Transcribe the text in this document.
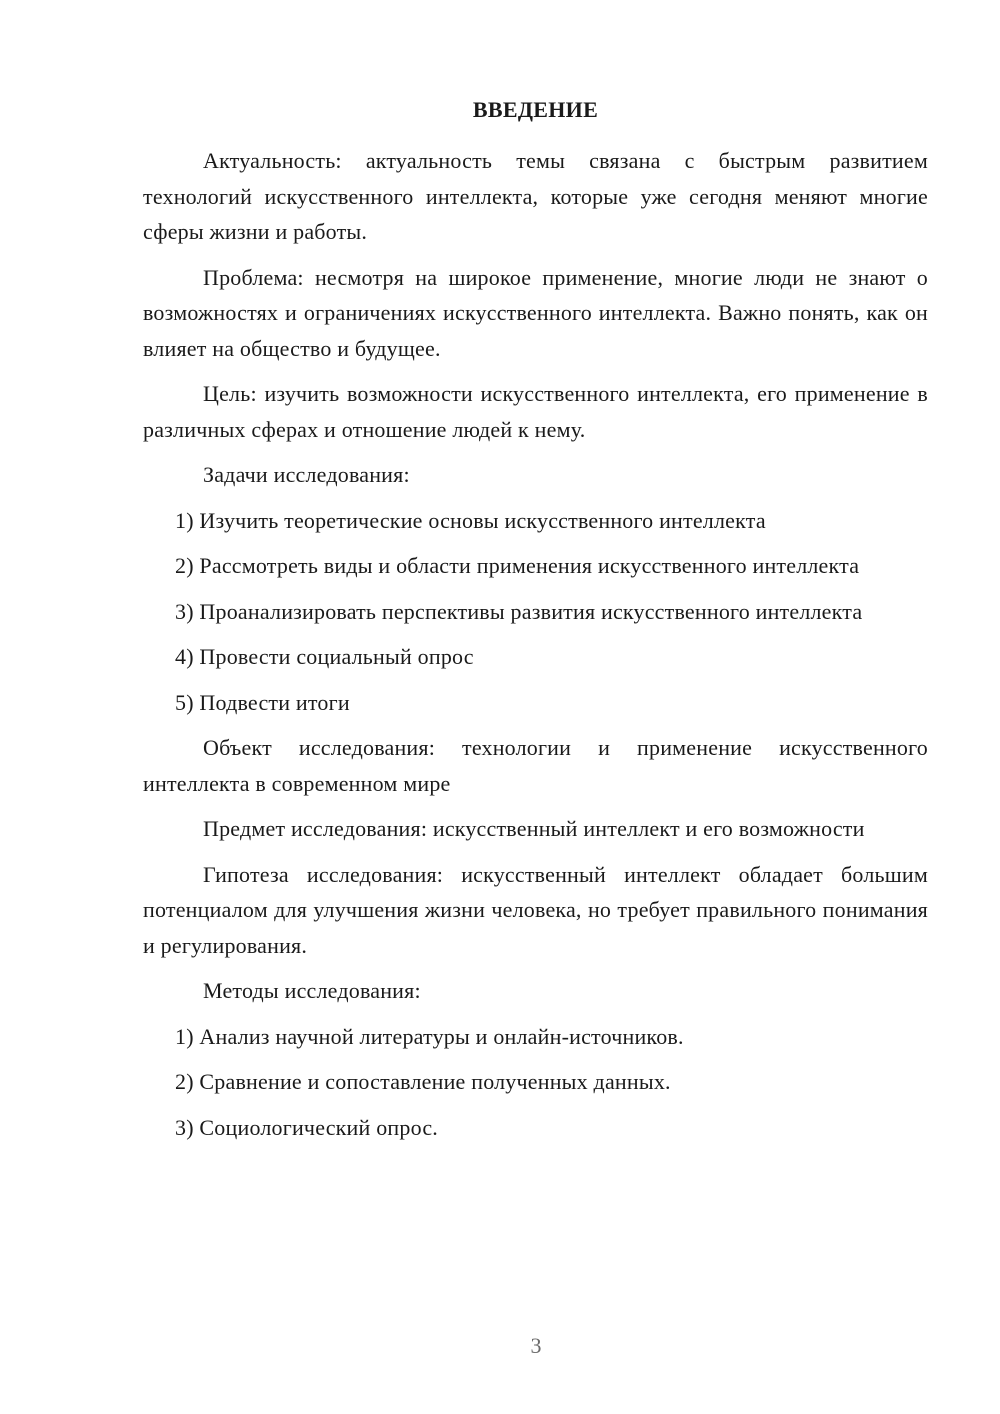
ВВЕДЕНИЕ

Актуальность: актуальность темы связана с быстрым развитием технологий искусственного интеллекта, которые уже сегодня меняют многие сферы жизни и работы.

Проблема: несмотря на широкое применение, многие люди не знают о возможностях и ограничениях искусственного интеллекта. Важно понять, как он влияет на общество и будущее.

Цель: изучить возможности искусственного интеллекта, его применение в различных сферах и отношение людей к нему.

Задачи исследования:

1) Изучить теоретические основы искусственного интеллекта

2) Рассмотреть виды и области применения искусственного интеллекта

3) Проанализировать перспективы развития искусственного интеллекта

4) Провести социальный опрос

5) Подвести итоги

Объект исследования: технологии и применение искусственного интеллекта в современном мире

Предмет исследования: искусственный интеллект и его возможности

Гипотеза исследования: искусственный интеллект обладает большим потенциалом для улучшения жизни человека, но требует правильного понимания и регулирования.

Методы исследования:

1) Анализ научной литературы и онлайн-источников.

2) Сравнение и сопоставление полученных данных.

3) Социологический опрос.

3
